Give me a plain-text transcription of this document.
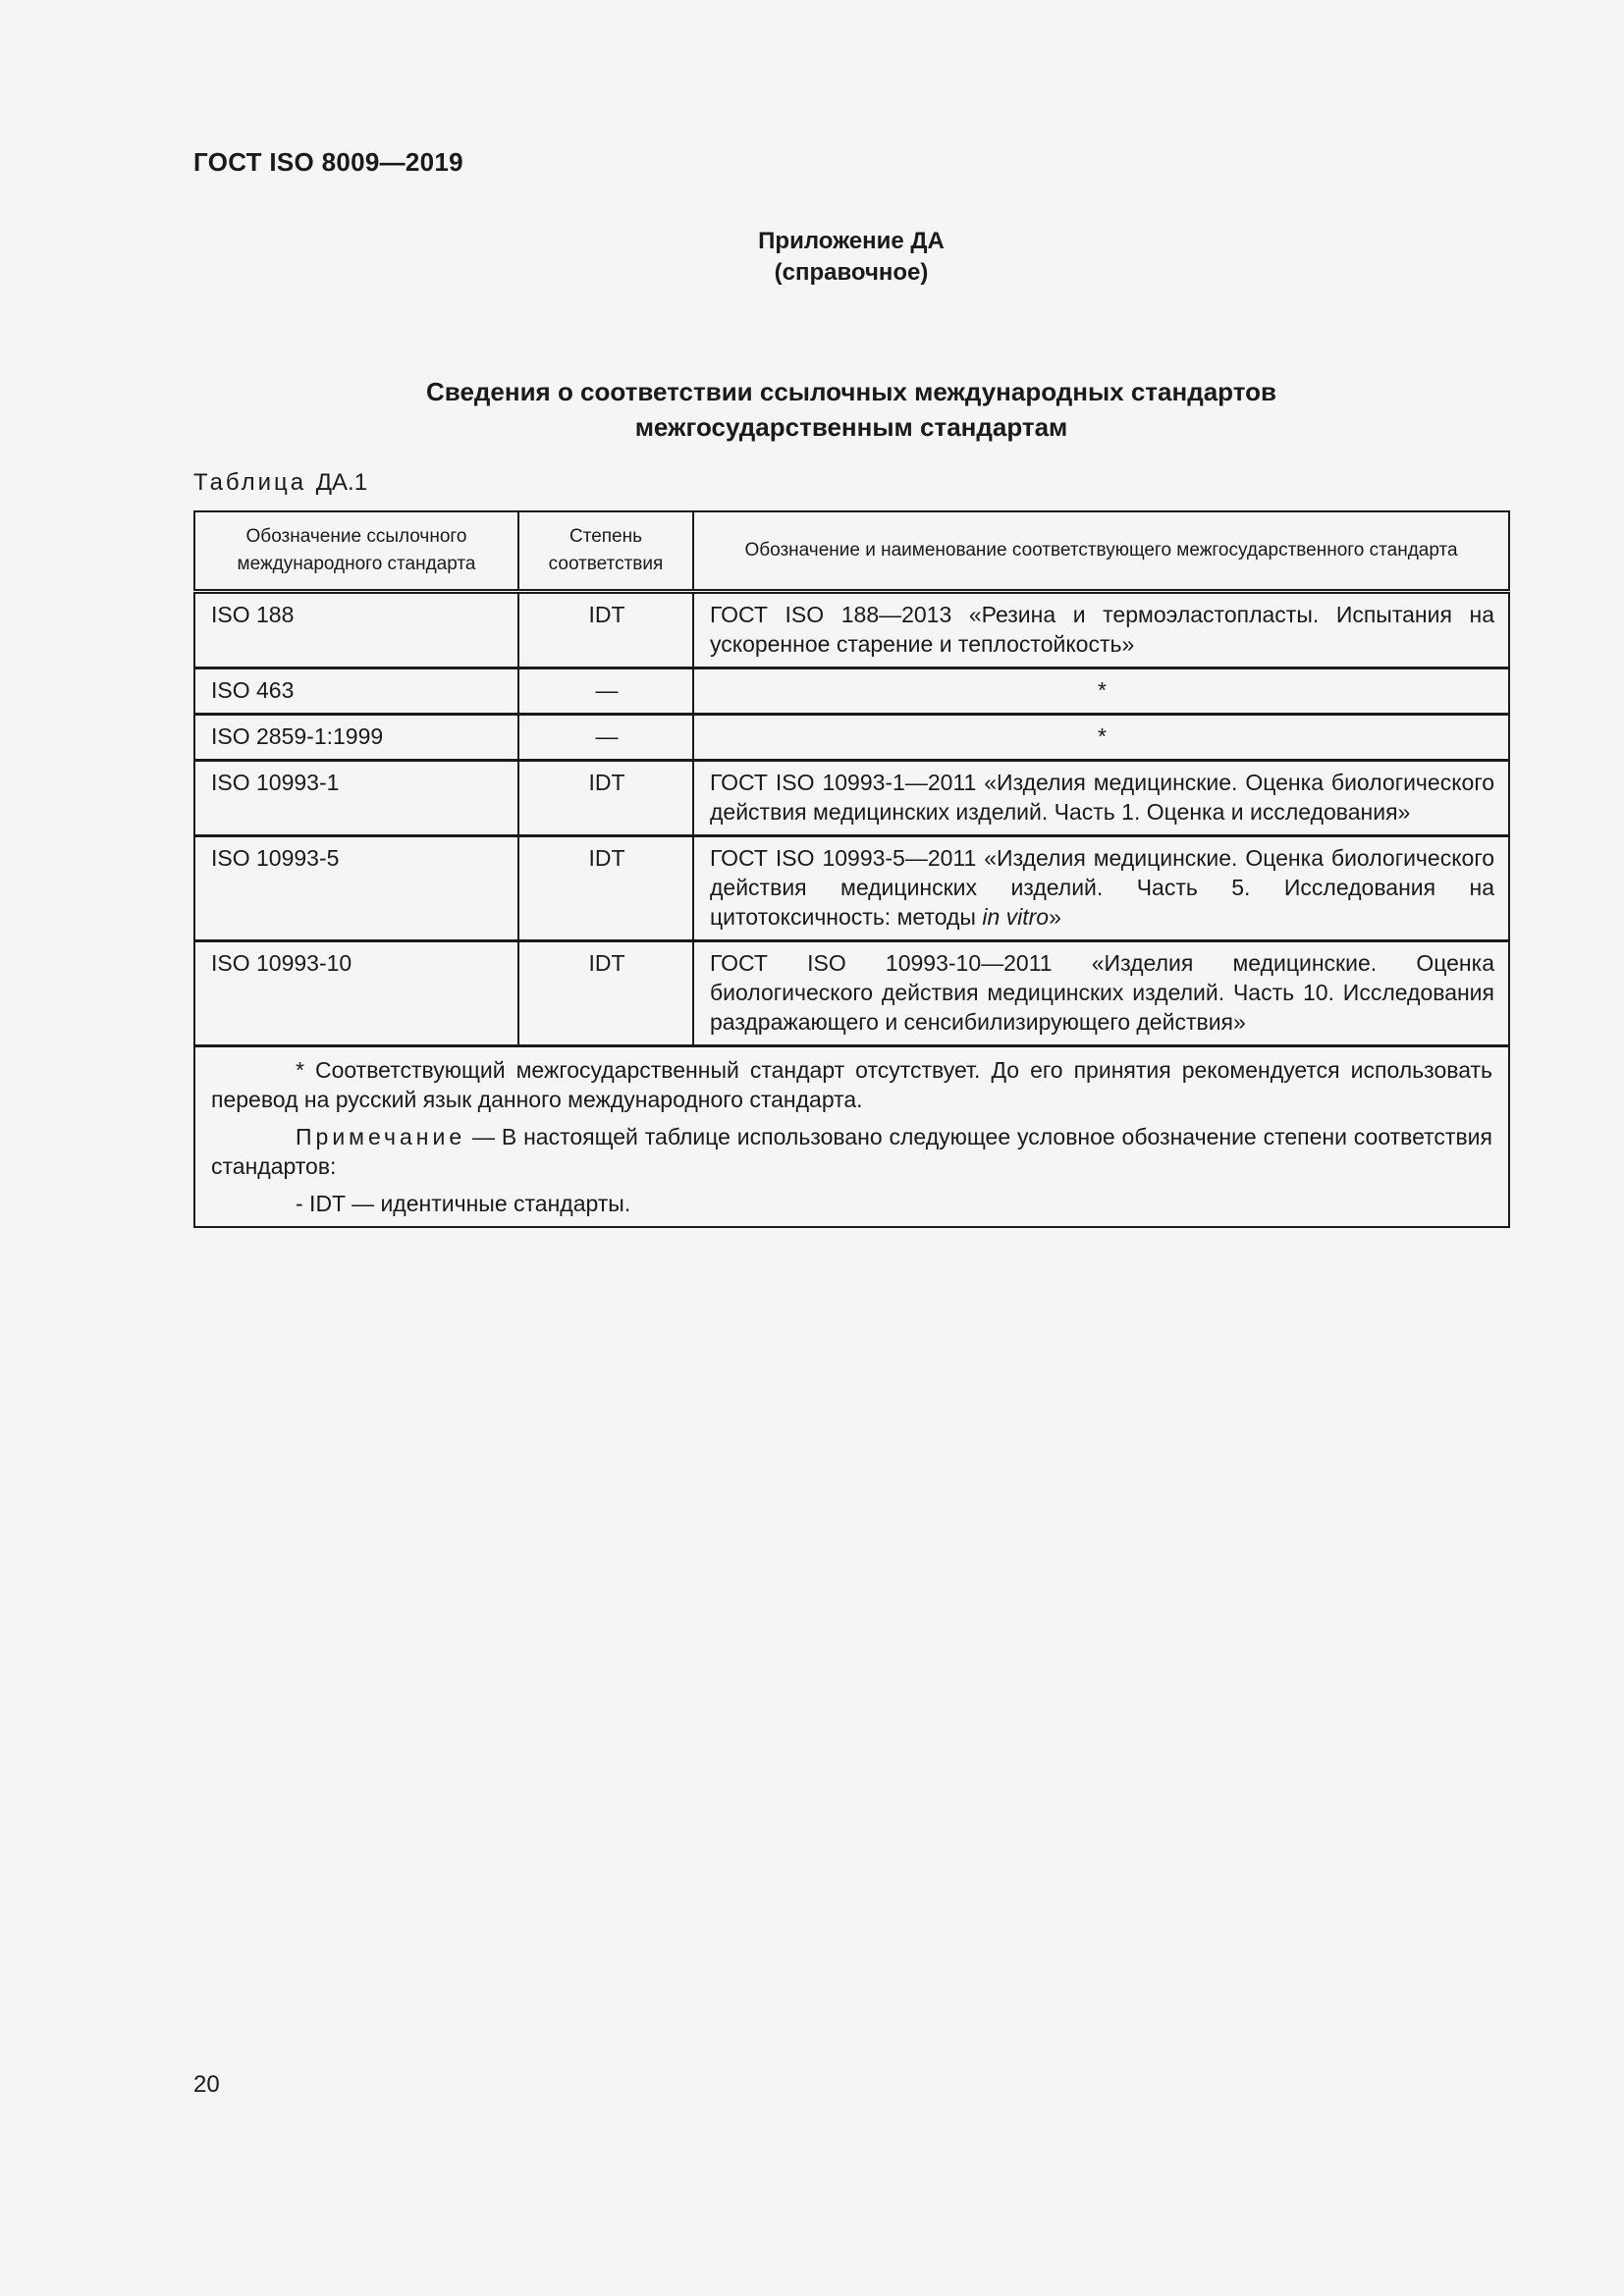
ГОСТ ISO 8009—2019
Приложение ДА
(справочное)
Сведения о соответствии ссылочных международных стандартов
межгосударственным стандартам
Таблица ДА.1
Обозначение ссылочного международного стандарта	Степень соответствия	Обозначение и наименование соответствующего межгосударственного стандарта
ISO 188	IDT	ГОСТ ISO 188—2013 «Резина и термоэластопласты. Испытания на ускоренное старение и теплостойкость»
ISO 463	—	*
ISO 2859-1:1999	—	*
ISO 10993-1	IDT	ГОСТ ISO 10993-1—2011 «Изделия медицинские. Оценка биологического действия медицинских изделий. Часть 1. Оценка и исследования»
ISO 10993-5	IDT	ГОСТ ISO 10993-5—2011 «Изделия медицинские. Оценка биологического действия медицинских изделий. Часть 5. Исследования на цитотоксичность: методы in vitro»
ISO 10993-10	IDT	ГОСТ ISO 10993-10—2011 «Изделия медицинские. Оценка биологического действия медицинских изделий. Часть 10. Исследования раздражающего и сенсибилизирующего действия»

* Соответствующий межгосударственный стандарт отсутствует. До его принятия рекомендуется использовать перевод на русский язык данного международного стандарта.
Примечание — В настоящей таблице использовано следующее условное обозначение степени соответствия стандартов:
- IDT — идентичные стандарты.		
20
